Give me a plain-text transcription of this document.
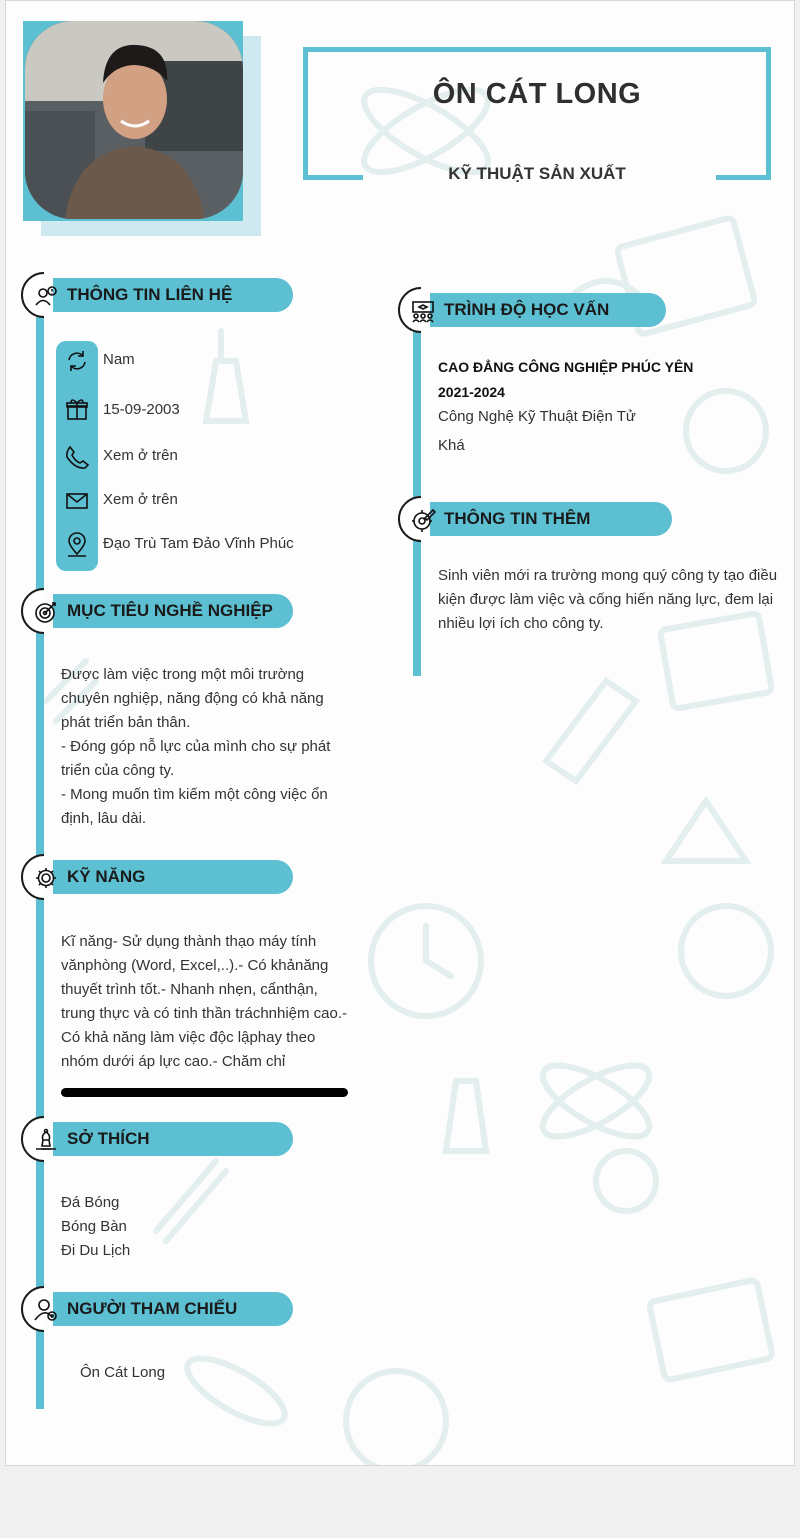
ÔN CÁT LONG
KỸ THUẬT SẢN XUẤT
THÔNG TIN LIÊN HỆ
Nam
15-09-2003
Xem ở trên
Xem ở trên
Đạo Trù Tam Đảo Vĩnh Phúc
MỤC TIÊU NGHỀ NGHIỆP
Được làm việc trong một môi trường
chuyên nghiệp, năng động có khả năng
phát triển bản thân.
- Đóng góp nỗ lực của mình cho sự phát
triển của công ty.
- Mong muốn tìm kiếm một công việc ổn
định, lâu dài.
KỸ NĂNG
Kĩ năng- Sử dụng thành thạo máy tính
vănphòng (Word, Excel,..).- Có khảnăng
thuyết trình tốt.- Nhanh nhẹn, cẩnthận,
trung thực và có tinh thần tráchnhiệm cao.-
Có khả năng làm việc độc lậphay theo
nhóm dưới áp lực cao.- Chăm chỉ
SỞ THÍCH
Đá Bóng
Bóng Bàn
Đi Du Lịch
NGƯỜI THAM CHIẾU
Ôn Cát Long
TRÌNH ĐỘ HỌC VẤN
CAO ĐẲNG CÔNG NGHIỆP PHÚC YÊN
2021-2024
Công Nghệ Kỹ Thuật Điện Tử
Khá
THÔNG TIN THÊM
Sinh viên mới ra trường mong quý công ty tạo điều
kiện được làm việc và cống hiến năng lực, đem lại
nhiều lợi ích cho công ty.
